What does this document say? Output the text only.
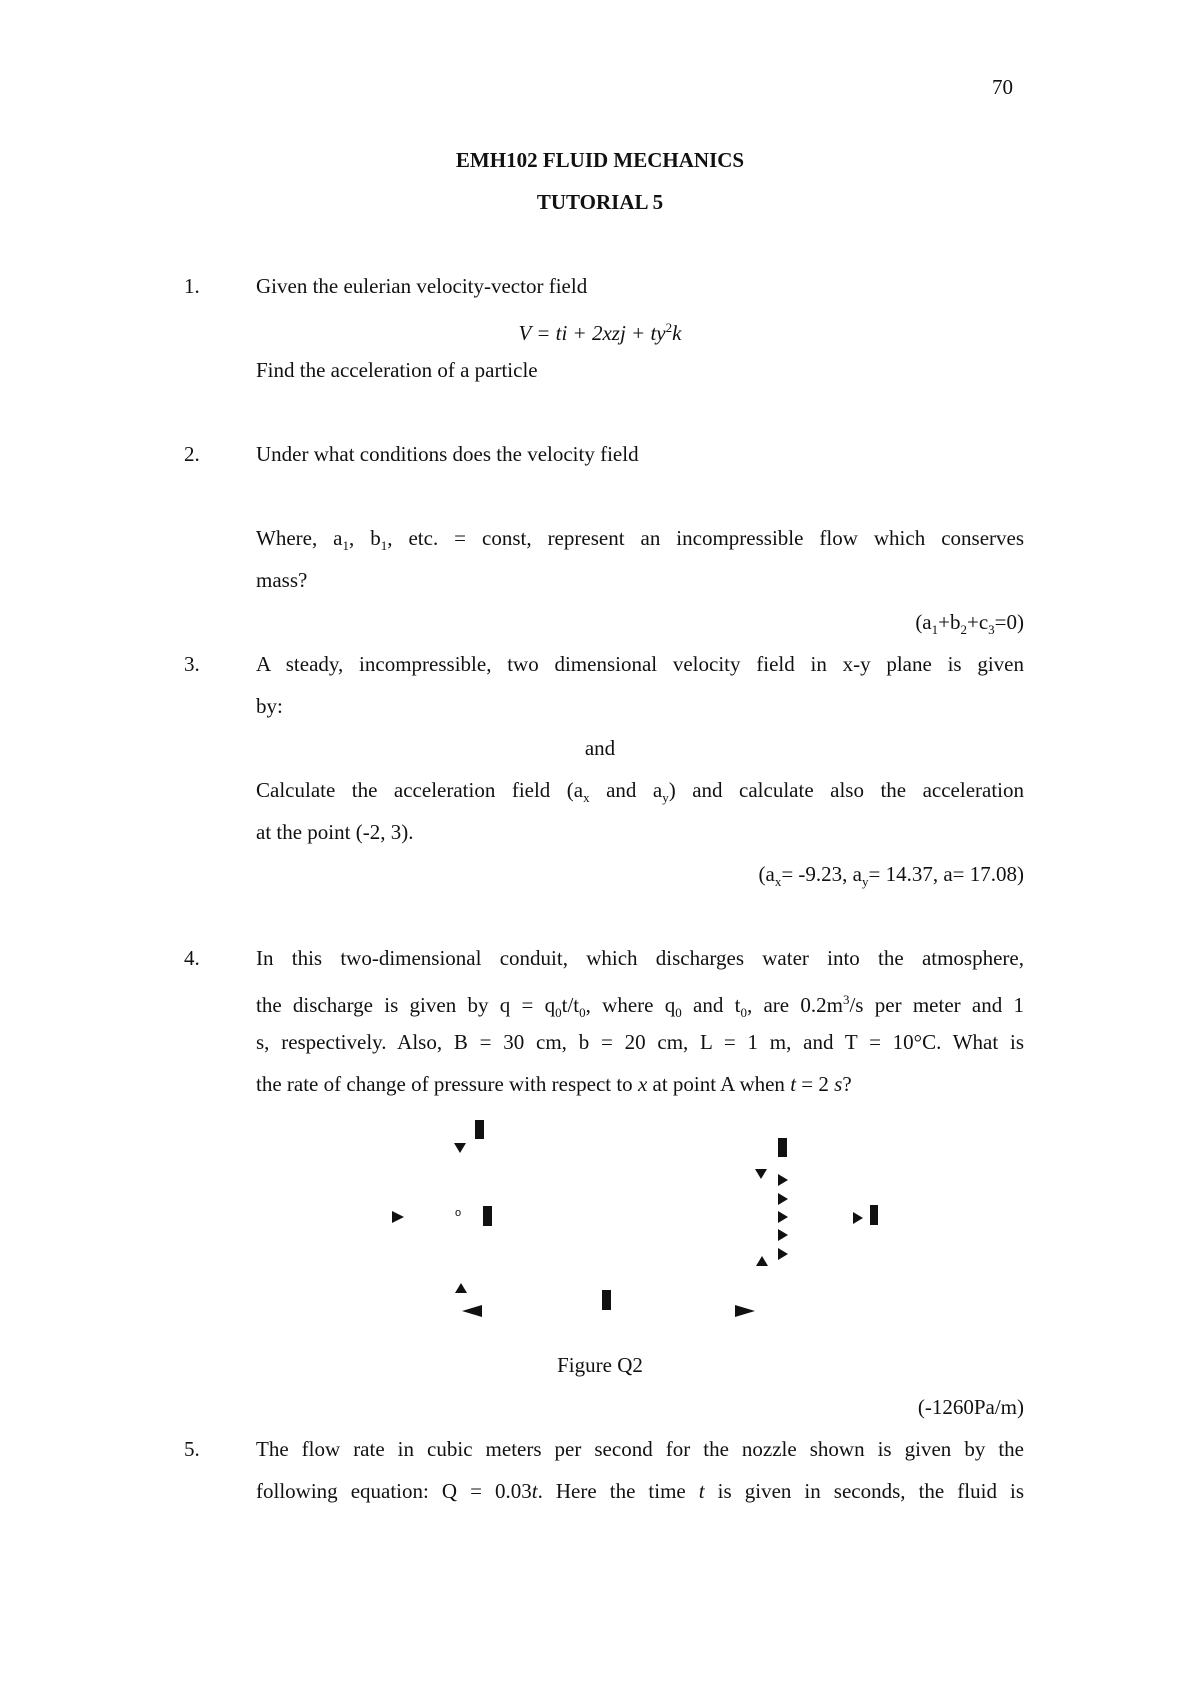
70
EMH102 FLUID MECHANICS
TUTORIAL 5
1.	Given the eulerian velocity-vector field
V = ti + $2xzj + ty^2k$
Find the acceleration of a particle
2.	Under what conditions does the velocity field
Where, $a_1$, $b_1$, etc. = const, represent an incompressible flow which conserves
mass?
$(a_1+b_2+c_3=0)$
3.	A steady, incompressible, two dimensional velocity field in x-y plane is given
by:
and
Calculate the acceleration field ($a_x$ and $a_y$) and calculate also the acceleration
at the point (-2, 3).
($a_x= -9.23$, $a_y= 14.37$, a= 17.08)
4.	In this two-dimensional conduit, which discharges water into the atmosphere,
the discharge is given by $q = q_0t/t_0$, where $q_0$ and $t_0$, are $0.2m^3/s$ per meter and 1
s, respectively. Also, B = 30 cm, b = 20 cm, L = 1 m, and T = 10°C. What is
the rate of change of pressure with respect to x at point A when t = 2 s?
o
Figure Q2
(-1260Pa/m)
5.	The flow rate in cubic meters per second for the nozzle shown is given by the
following equation: Q = 0.03t. Here the time t is given in seconds, the fluid is
